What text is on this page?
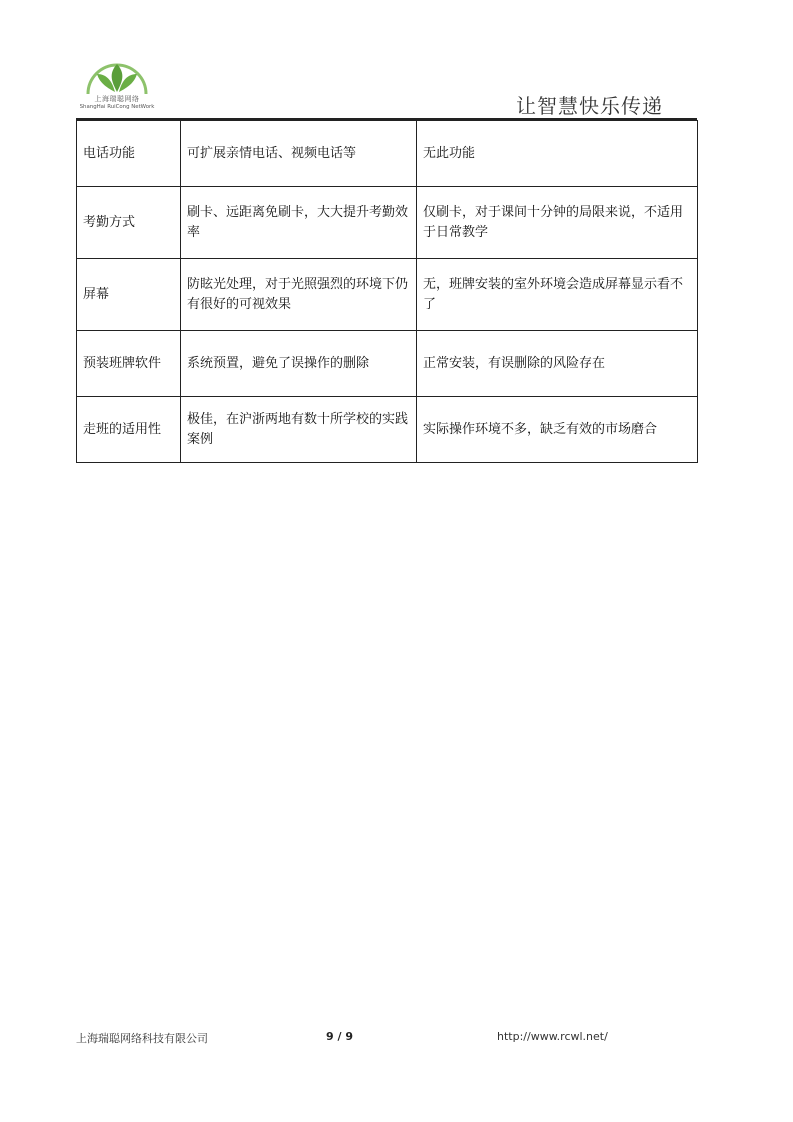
上海瑞聪网络
ShangHai RuiCong NetWork	让智慧快乐传递
电话功能	可扩展亲情电话、视频电话等	无此功能
考勤方式	刷卡、远距离免刷卡，大大提升考勤效率	仅刷卡，对于课间十分钟的局限来说，不适用于日常教学
屏幕	防眩光处理，对于光照强烈的环境下仍有很好的可视效果	无，班牌安装的室外环境会造成屏幕显示看不了
预装班牌软件	系统预置，避免了误操作的删除	正常安装，有误删除的风险存在
走班的适用性	极佳，在沪浙两地有数十所学校的实践案例	实际操作环境不多，缺乏有效的市场磨合
上海瑞聪网络科技有限公司	9 / 9	http://www.rcwl.net/
